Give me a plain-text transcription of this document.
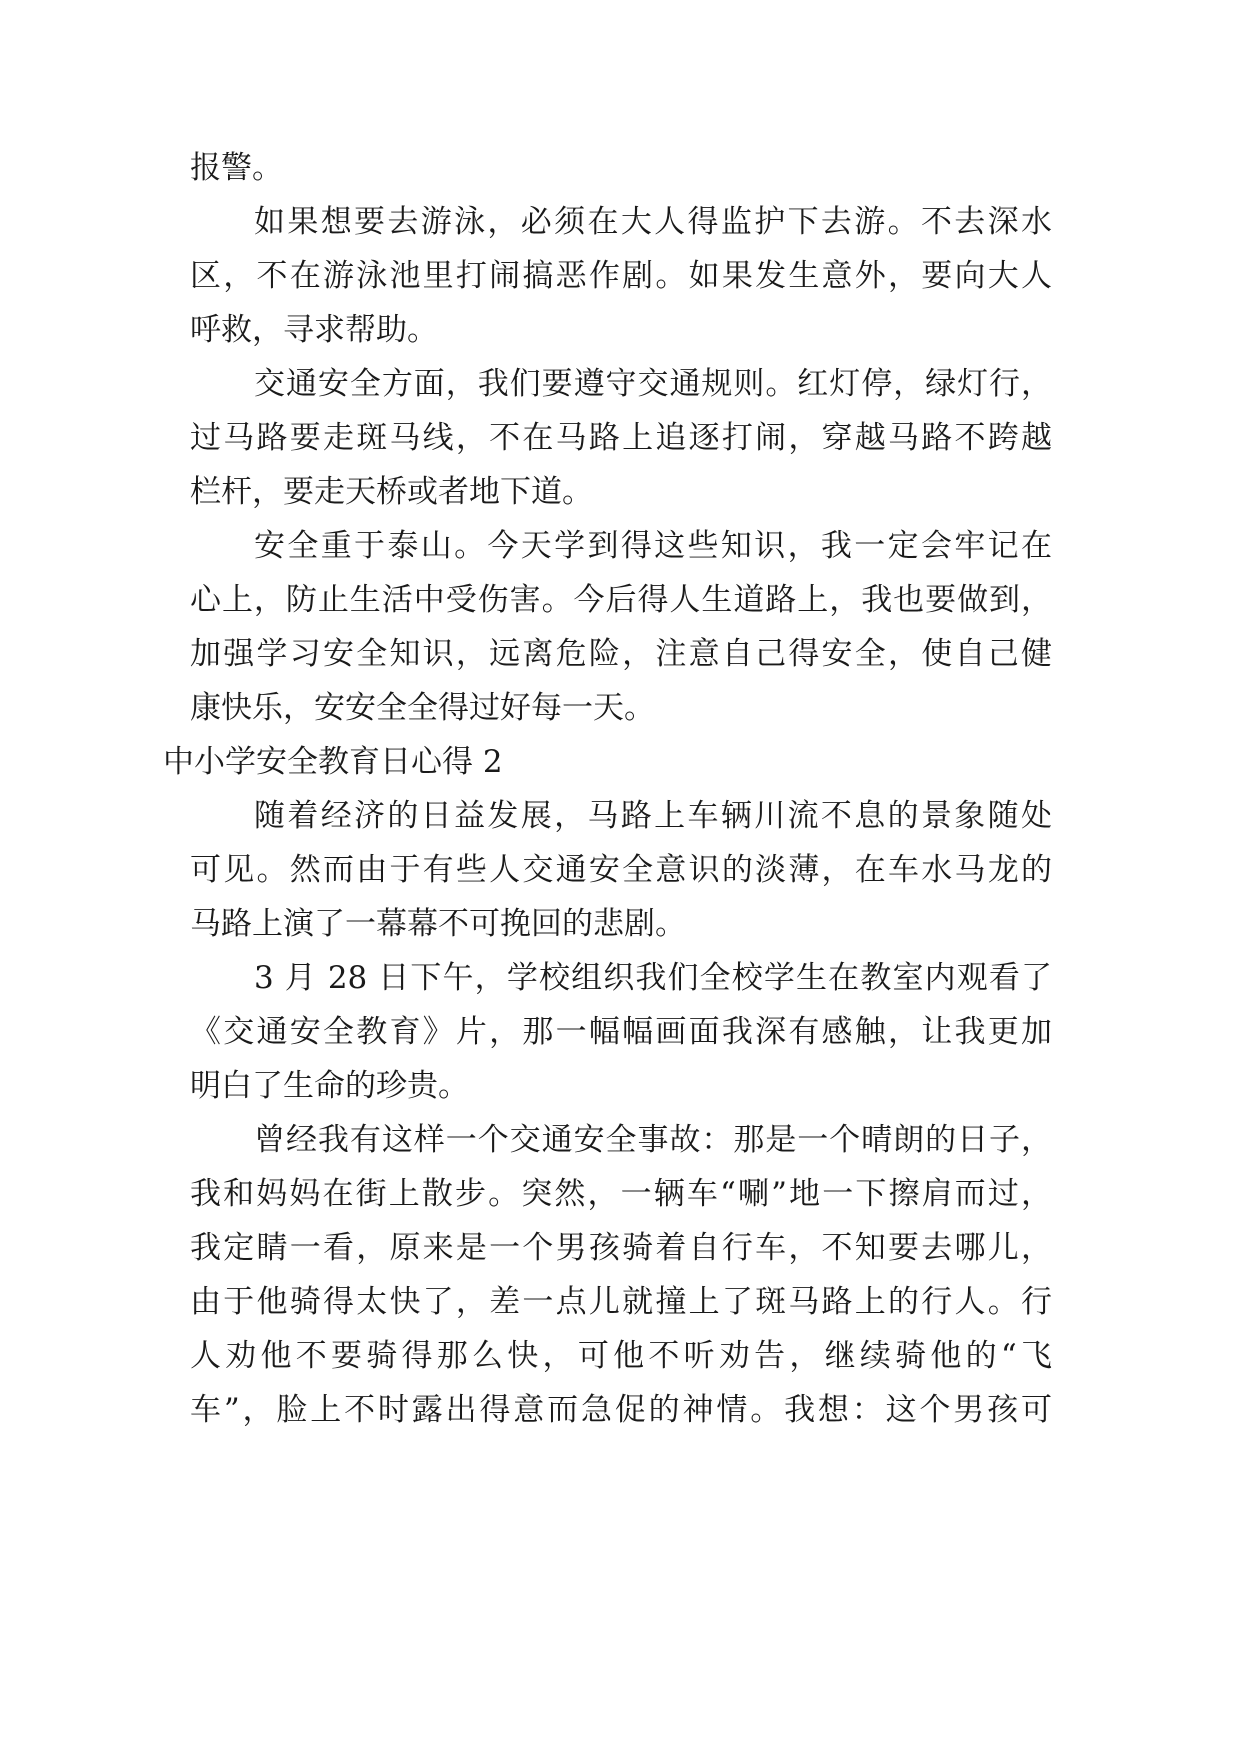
报警。
如果想要去游泳，必须在大人得监护下去游。不去深水
区，不在游泳池里打闹搞恶作剧。如果发生意外，要向大人
呼救，寻求帮助。
交通安全方面，我们要遵守交通规则。红灯停，绿灯行，
过马路要走斑马线，不在马路上追逐打闹，穿越马路不跨越
栏杆，要走天桥或者地下道。
安全重于泰山。今天学到得这些知识，我一定会牢记在
心上，防止生活中受伤害。今后得人生道路上，我也要做到，
加强学习安全知识，远离危险，注意自己得安全，使自己健
康快乐，安安全全得过好每一天。
中小学安全教育日心得 2
随着经济的日益发展，马路上车辆川流不息的景象随处
可见。然而由于有些人交通安全意识的淡薄，在车水马龙的
马路上演了一幕幕不可挽回的悲剧。
3 月 28 日下午，学校组织我们全校学生在教室内观看了
《交通安全教育》片，那一幅幅画面我深有感触，让我更加
明白了生命的珍贵。
曾经我有这样一个交通安全事故：那是一个晴朗的日子，
我和妈妈在街上散步。突然，一辆车“唰”地一下擦肩而过，
我定睛一看，原来是一个男孩骑着自行车，不知要去哪儿，
由于他骑得太快了，差一点儿就撞上了斑马路上的行人。行
人劝他不要骑得那么快，可他不听劝告，继续骑他的“飞
车”，脸上不时露出得意而急促的神情。我想：这个男孩可
